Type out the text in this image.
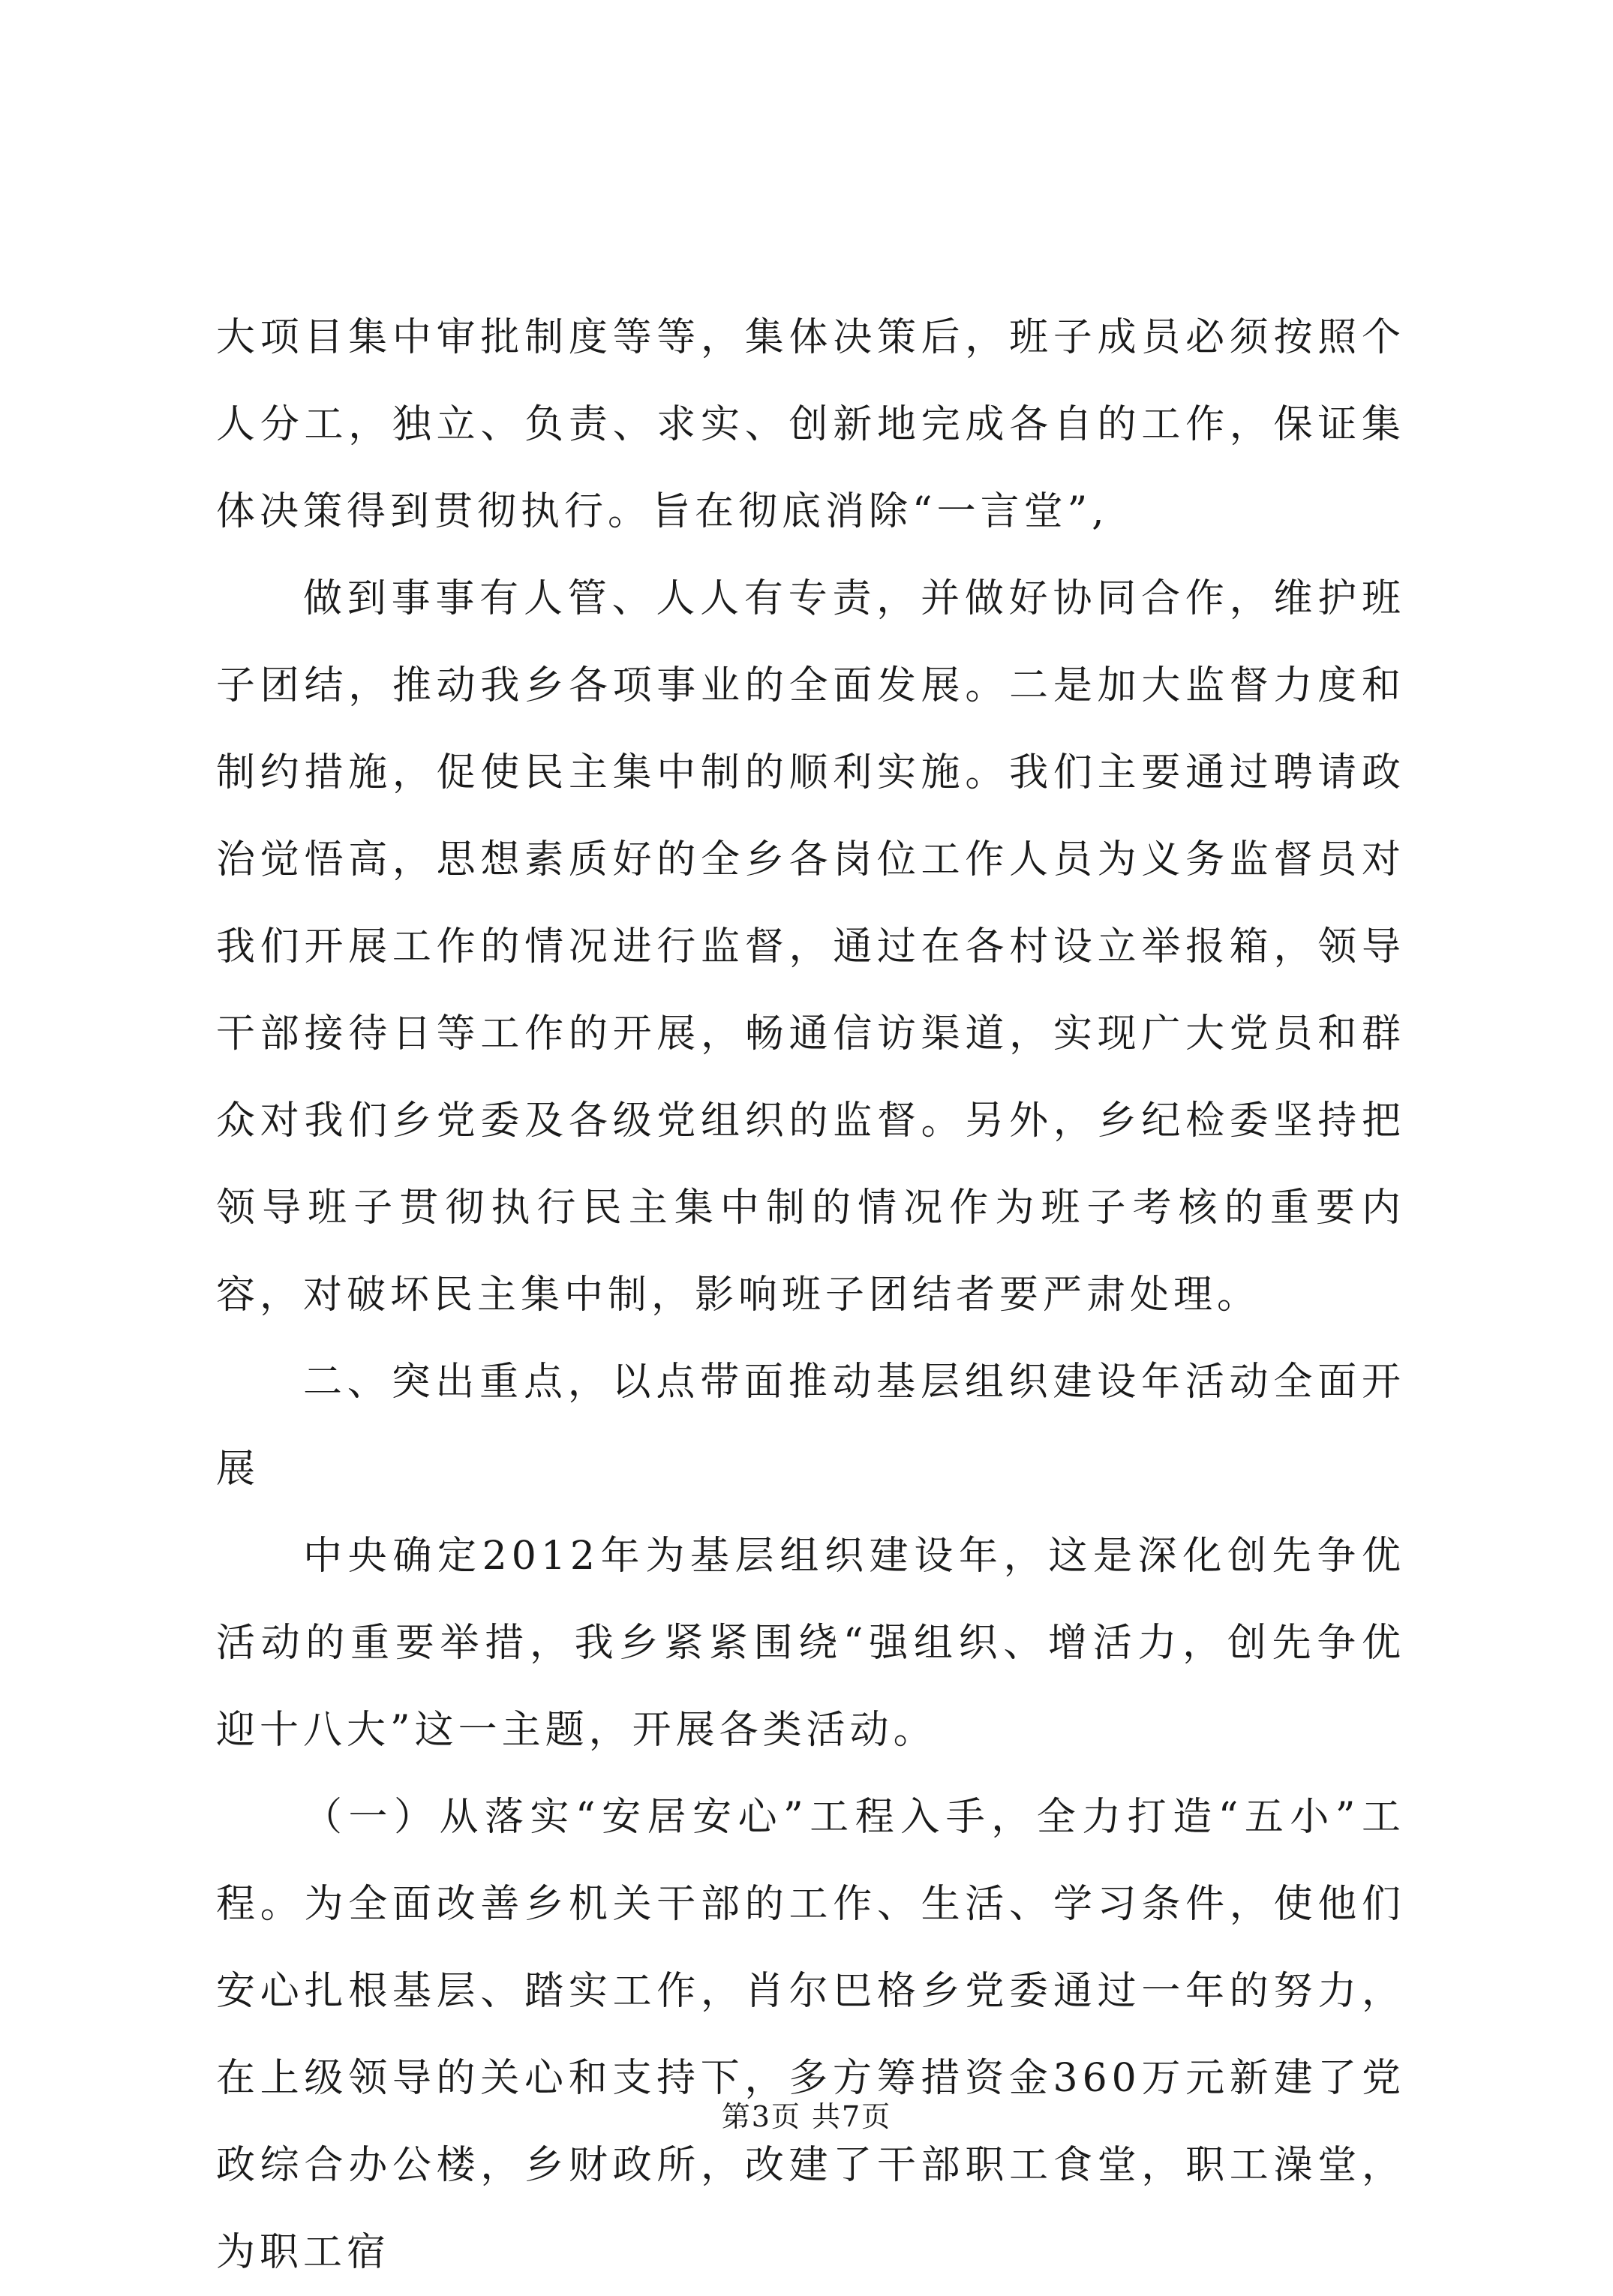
大项目集中审批制度等等，集体决策后，班子成员必须按照个人分工，独立、负责、求实、创新地完成各自的工作，保证集体决策得到贯彻执行。旨在彻底消除“一言堂”,

做到事事有人管、人人有专责，并做好协同合作，维护班子团结，推动我乡各项事业的全面发展。二是加大监督力度和制约措施，促使民主集中制的顺利实施。我们主要通过聘请政治觉悟高，思想素质好的全乡各岗位工作人员为义务监督员对我们开展工作的情况进行监督，通过在各村设立举报箱，领导干部接待日等工作的开展，畅通信访渠道，实现广大党员和群众对我们乡党委及各级党组织的监督。另外，乡纪检委坚持把领导班子贯彻执行民主集中制的情况作为班子考核的重要内容，对破坏民主集中制，影响班子团结者要严肃处理。

二、突出重点，以点带面推动基层组织建设年活动全面开展

中央确定2012年为基层组织建设年，这是深化创先争优活动的重要举措，我乡紧紧围绕“强组织、增活力，创先争优迎十八大”这一主题，开展各类活动。

（一）从落实“安居安心”工程入手，全力打造“五小”工程。为全面改善乡机关干部的工作、生活、学习条件，使他们安心扎根基层、踏实工作，肖尔巴格乡党委通过一年的努力，在上级领导的关心和支持下，多方筹措资金360万元新建了党政综合办公楼，乡财政所，改建了干部职工食堂，职工澡堂，为职工宿

第3页 共7页
